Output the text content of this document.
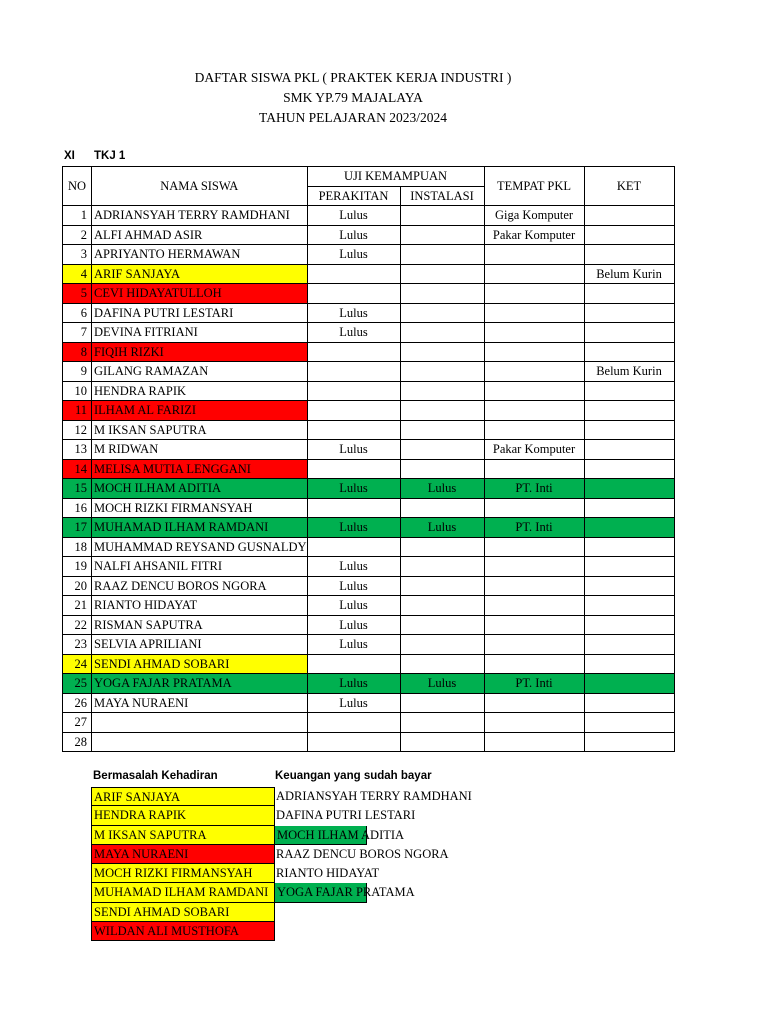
DAFTAR SISWA PKL ( PRAKTEK KERJA INDUSTRI )
SMK YP.79 MAJALAYA
TAHUN PELAJARAN 2023/2024
XI TKJ 1
NO	NAMA SISWA	UJI KEMAMPUAN		TEMPAT PKL	KET
		PERAKITAN	INSTALASI		
1	ADRIANSYAH TERRY RAMDHANI	Lulus		Giga Komputer	
2	ALFI AHMAD ASIR	Lulus		Pakar Komputer	
3	APRIYANTO HERMAWAN	Lulus			
4	ARIF SANJAYA				Belum Kurin
5	CEVI HIDAYATULLOH				
6	DAFINA PUTRI LESTARI	Lulus			
7	DEVINA FITRIANI	Lulus			
8	FIQIH RIZKI				
9	GILANG RAMAZAN				Belum Kurin
10	HENDRA RAPIK				
11	ILHAM AL FARIZI				
12	M IKSAN SAPUTRA				
13	M RIDWAN	Lulus		Pakar Komputer	
14	MELISA MUTIA LENGGANI				
15	MOCH ILHAM ADITIA	Lulus	Lulus	PT. Inti	
16	MOCH RIZKI FIRMANSYAH				
17	MUHAMAD ILHAM RAMDANI	Lulus	Lulus	PT. Inti	
18	MUHAMMAD REYSAND GUSNALDY				
19	NALFI AHSANIL FITRI	Lulus			
20	RAAZ DENCU BOROS NGORA	Lulus			
21	RIANTO HIDAYAT	Lulus			
22	RISMAN SAPUTRA	Lulus			
23	SELVIA APRILIANI	Lulus			
24	SENDI AHMAD SOBARI				
25	YOGA FAJAR PRATAMA	Lulus	Lulus	PT. Inti	
26	MAYA NURAENI	Lulus			
27					
28					
Bermasalah Kehadiran
ARIF SANJAYA
HENDRA RAPIK
M IKSAN SAPUTRA
MAYA NURAENI
MOCH RIZKI FIRMANSYAH
MUHAMAD ILHAM RAMDANI
SENDI AHMAD SOBARI
WILDAN ALI MUSTHOFA
Keuangan yang sudah bayar
ADRIANSYAH TERRY RAMDHANI
DAFINA PUTRI LESTARI
MOCH ILHAM ADITIA
RAAZ DENCU BOROS NGORA
RIANTO HIDAYAT
YOGA FAJAR PRATAMA
